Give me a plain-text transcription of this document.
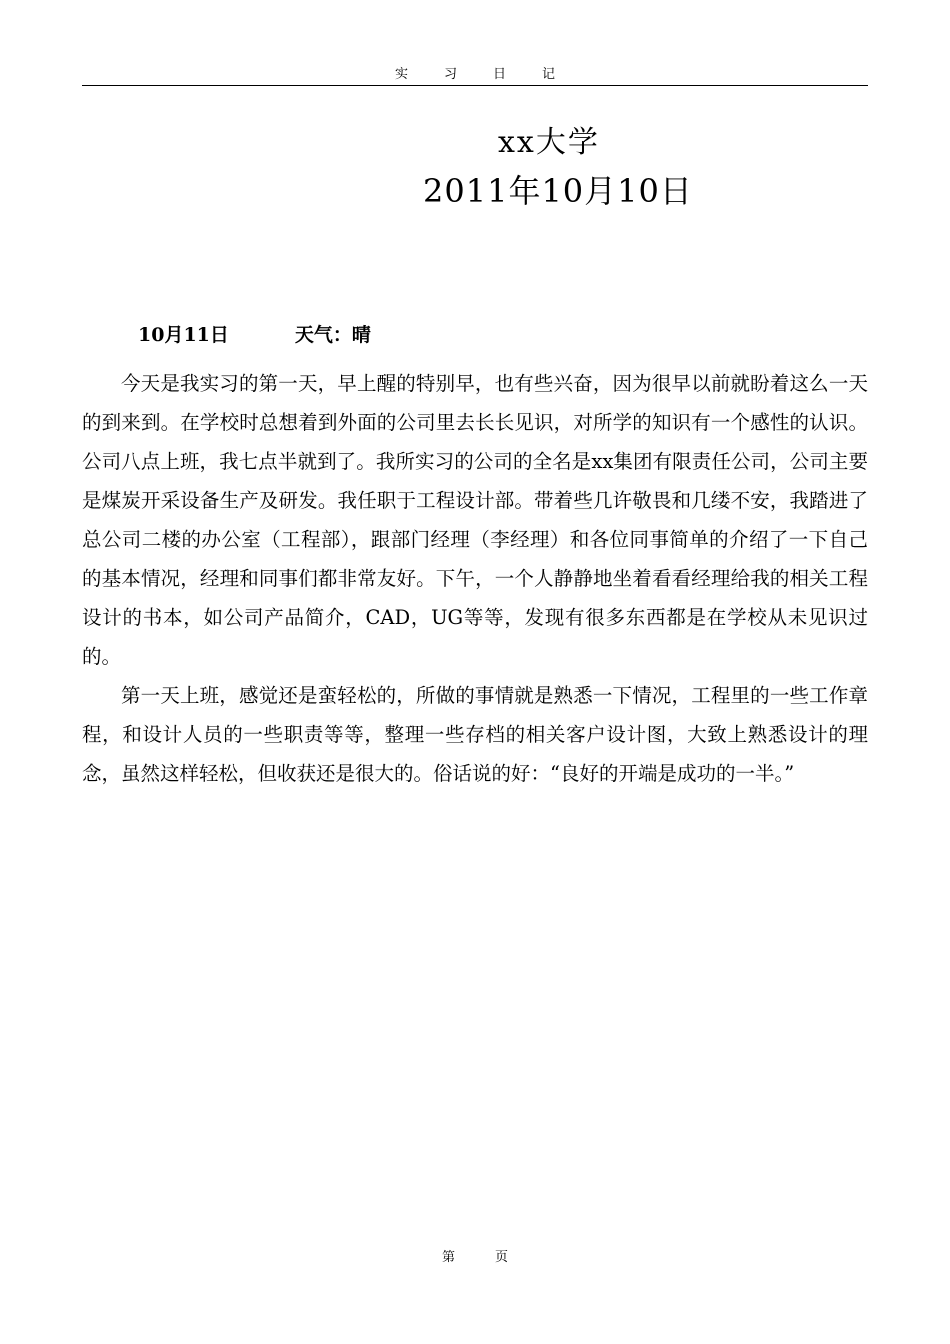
实习日记
xx大学
2011年10月10日
10月11日	天气：晴

今天是我实习的第一天，早上醒的特别早，也有些兴奋，因为很早以前就盼着这么一天的到来到。在学校时总想着到外面的公司里去长长见识，对所学的知识有一个感性的认识。公司八点上班，我七点半就到了。我所实习的公司的全名是xx集团有限责任公司，公司主要是煤炭开采设备生产及研发。我任职于工程设计部。带着些几许敬畏和几缕不安，我踏进了总公司二楼的办公室（工程部），跟部门经理（李经理）和各位同事简单的介绍了一下自己的基本情况，经理和同事们都非常友好。下午，一个人静静地坐着看看经理给我的相关工程设计的书本，如公司产品简介，CAD，UG等等，发现有很多东西都是在学校从未见识过的。

第一天上班，感觉还是蛮轻松的，所做的事情就是熟悉一下情况，工程里的一些工作章程，和设计人员的一些职责等等，整理一些存档的相关客户设计图，大致上熟悉设计的理念，虽然这样轻松，但收获还是很大的。俗话说的好：“良好的开端是成功的一半。”

第	页
